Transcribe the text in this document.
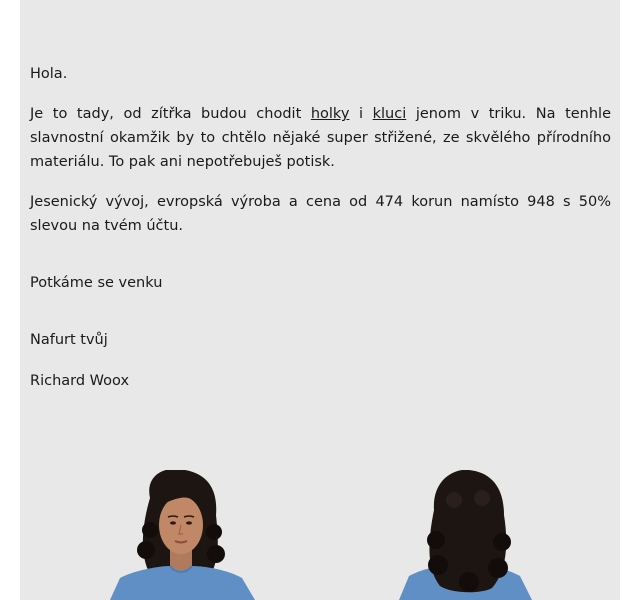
Hola.

Je to tady, od zítřka budou chodit holky i kluci jenom v triku. Na tenhle slavnostní okamžik by to chtělo nějaké super střižené, ze skvělého přírodního materiálu. To pak ani nepotřebuješ potisk.

Jesenický vývoj, evropská výroba a cena od 474 korun namísto 948 s 50% slevou na tvém účtu.

Potkáme se venku

Nafurt tvůj

Richard Woox
